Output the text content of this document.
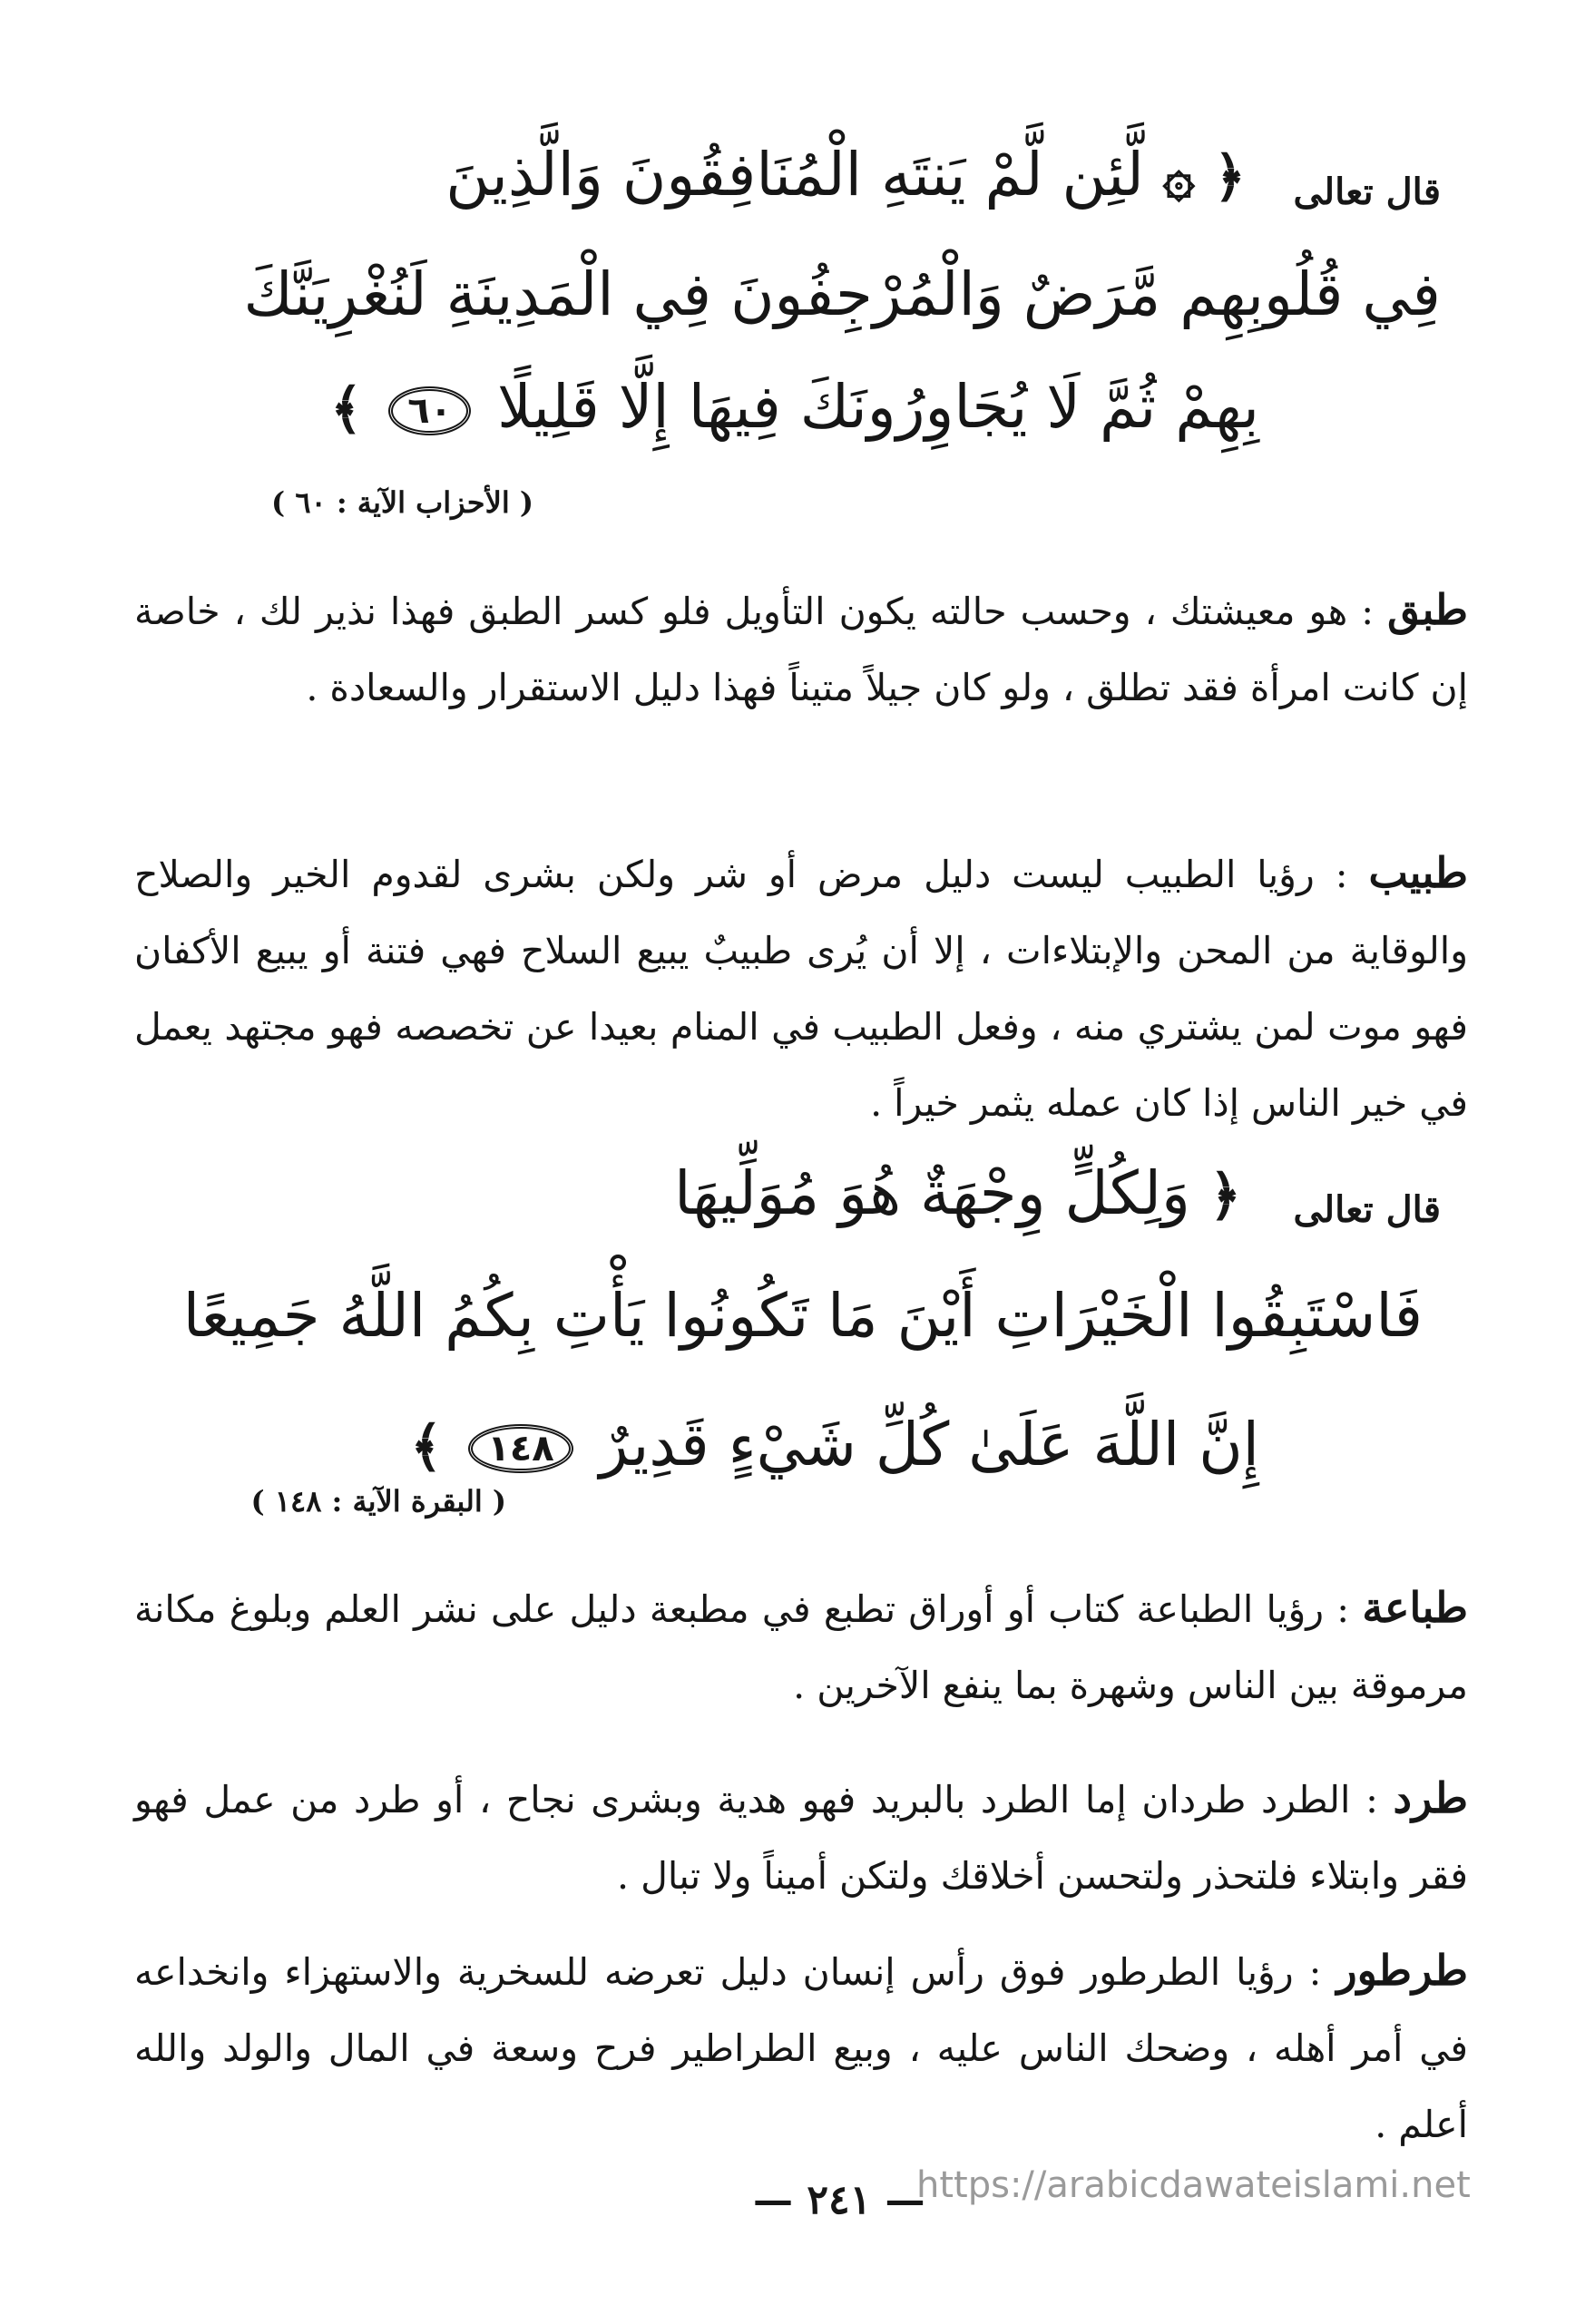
قال تعالى
﴿ ۞ لَّئِن لَّمْ يَنتَهِ الْمُنَافِقُونَ وَالَّذِينَ
فِي قُلُوبِهِم مَّرَضٌ وَالْمُرْجِفُونَ فِي الْمَدِينَةِ لَنُغْرِيَنَّكَ
بِهِمْ ثُمَّ لَا يُجَاوِرُونَكَ فِيهَا إِلَّا قَلِيلًا ٦٠ ﴾
( الأحزاب الآية : ٦٠ )
طبق : هو معيشتك ، وحسب حالته يكون التأويل فلو كسر الطبق فهذا نذير لك ، خاصة إن كانت امرأة فقد تطلق ، ولو كان جيلاً متيناً فهذا دليل الاستقرار والسعادة .
طبيب : رؤيا الطبيب ليست دليل مرض أو شر ولكن بشرى لقدوم الخير والصلاح والوقاية من المحن والإبتلاءات ، إلا أن يُرى طبيبٌ يبيع السلاح فهي فتنة أو يبيع الأكفان فهو موت لمن يشتري منه ، وفعل الطبيب في المنام بعيدا عن تخصصه فهو مجتهد يعمل في خير الناس إذا كان عمله يثمر خيراً .
قال تعالى
﴿ وَلِكُلٍّ وِجْهَةٌ هُوَ مُوَلِّيهَا
فَاسْتَبِقُوا الْخَيْرَاتِ أَيْنَ مَا تَكُونُوا يَأْتِ بِكُمُ اللَّهُ جَمِيعًا
إِنَّ اللَّهَ عَلَىٰ كُلِّ شَيْءٍ قَدِيرٌ ١٤٨ ﴾
( البقرة الآية : ١٤٨ )
طباعة : رؤيا الطباعة كتاب أو أوراق تطبع في مطبعة دليل على نشر العلم وبلوغ مكانة مرموقة بين الناس وشهرة بما ينفع الآخرين .
طرد : الطرد طردان إما الطرد بالبريد فهو هدية وبشرى نجاح ، أو طرد من عمل فهو فقر وابتلاء فلتحذر ولتحسن أخلاقك ولتكن أميناً ولا تبال .
طرطور : رؤيا الطرطور فوق رأس إنسان دليل تعرضه للسخرية والاستهزاء وانخداعه في أمر أهله ، وضحك الناس عليه ، وبيع الطراطير فرح وسعة في المال والولد والله أعلم .
— ٢٤١ —
https://arabicdawateislami.net
